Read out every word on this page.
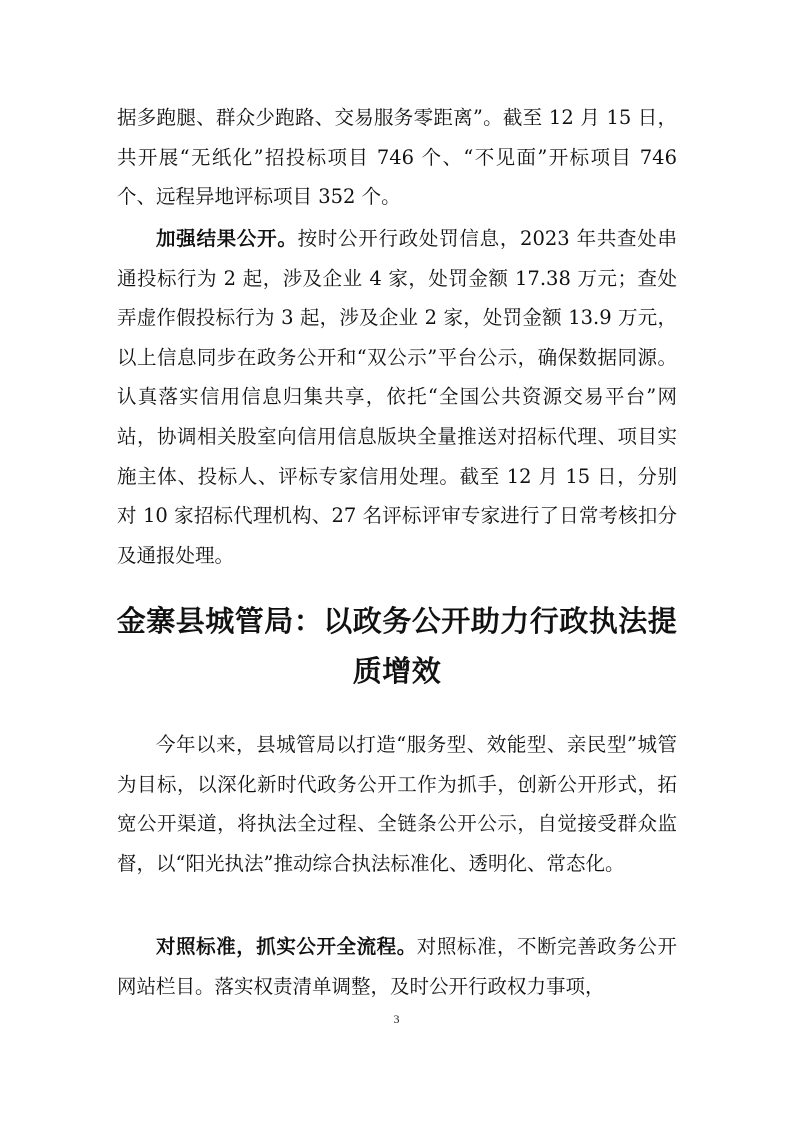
据多跑腿、群众少跑路、交易服务零距离”。截至 12 月 15 日，共开展“无纸化”招投标项目 746 个、“不见面”开标项目 746 个、远程异地评标项目 352 个。

加强结果公开。按时公开行政处罚信息，2023 年共查处串通投标行为 2 起，涉及企业 4 家，处罚金额 17.38 万元；查处弄虚作假投标行为 3 起，涉及企业 2 家，处罚金额 13.9 万元，以上信息同步在政务公开和“双公示”平台公示，确保数据同源。认真落实信用信息归集共享，依托“全国公共资源交易平台”网站，协调相关股室向信用信息版块全量推送对招标代理、项目实施主体、投标人、评标专家信用处理。截至 12 月 15 日，分别对 10 家招标代理机构、27 名评标评审专家进行了日常考核扣分及通报处理。

金寨县城管局：以政务公开助力行政执法提质增效

今年以来，县城管局以打造“服务型、效能型、亲民型”城管为目标，以深化新时代政务公开工作为抓手，创新公开形式，拓宽公开渠道，将执法全过程、全链条公开公示，自觉接受群众监督，以“阳光执法”推动综合执法标准化、透明化、常态化。

对照标准，抓实公开全流程。对照标准，不断完善政务公开网站栏目。落实权责清单调整，及时公开行政权力事项，

3
